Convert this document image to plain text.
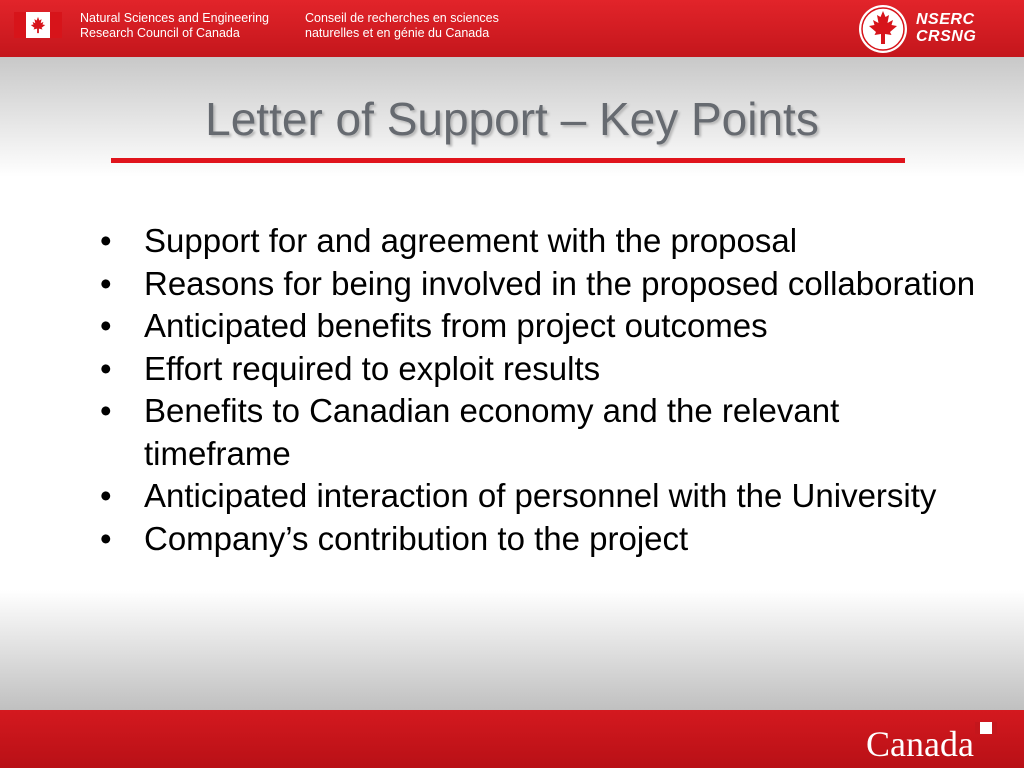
Natural Sciences and Engineering
Research Council of Canada
Conseil de recherches en sciences
naturelles et en génie du Canada
NSERC
CRSNG
Letter of Support – Key Points
• Support for and agreement with the proposal
• Reasons for being involved in the proposed collaboration
• Anticipated benefits from project outcomes
• Effort required to exploit results
• Benefits to Canadian economy and the relevant timeframe
• Anticipated interaction of personnel with the University
• Company’s contribution to the project
Canada
